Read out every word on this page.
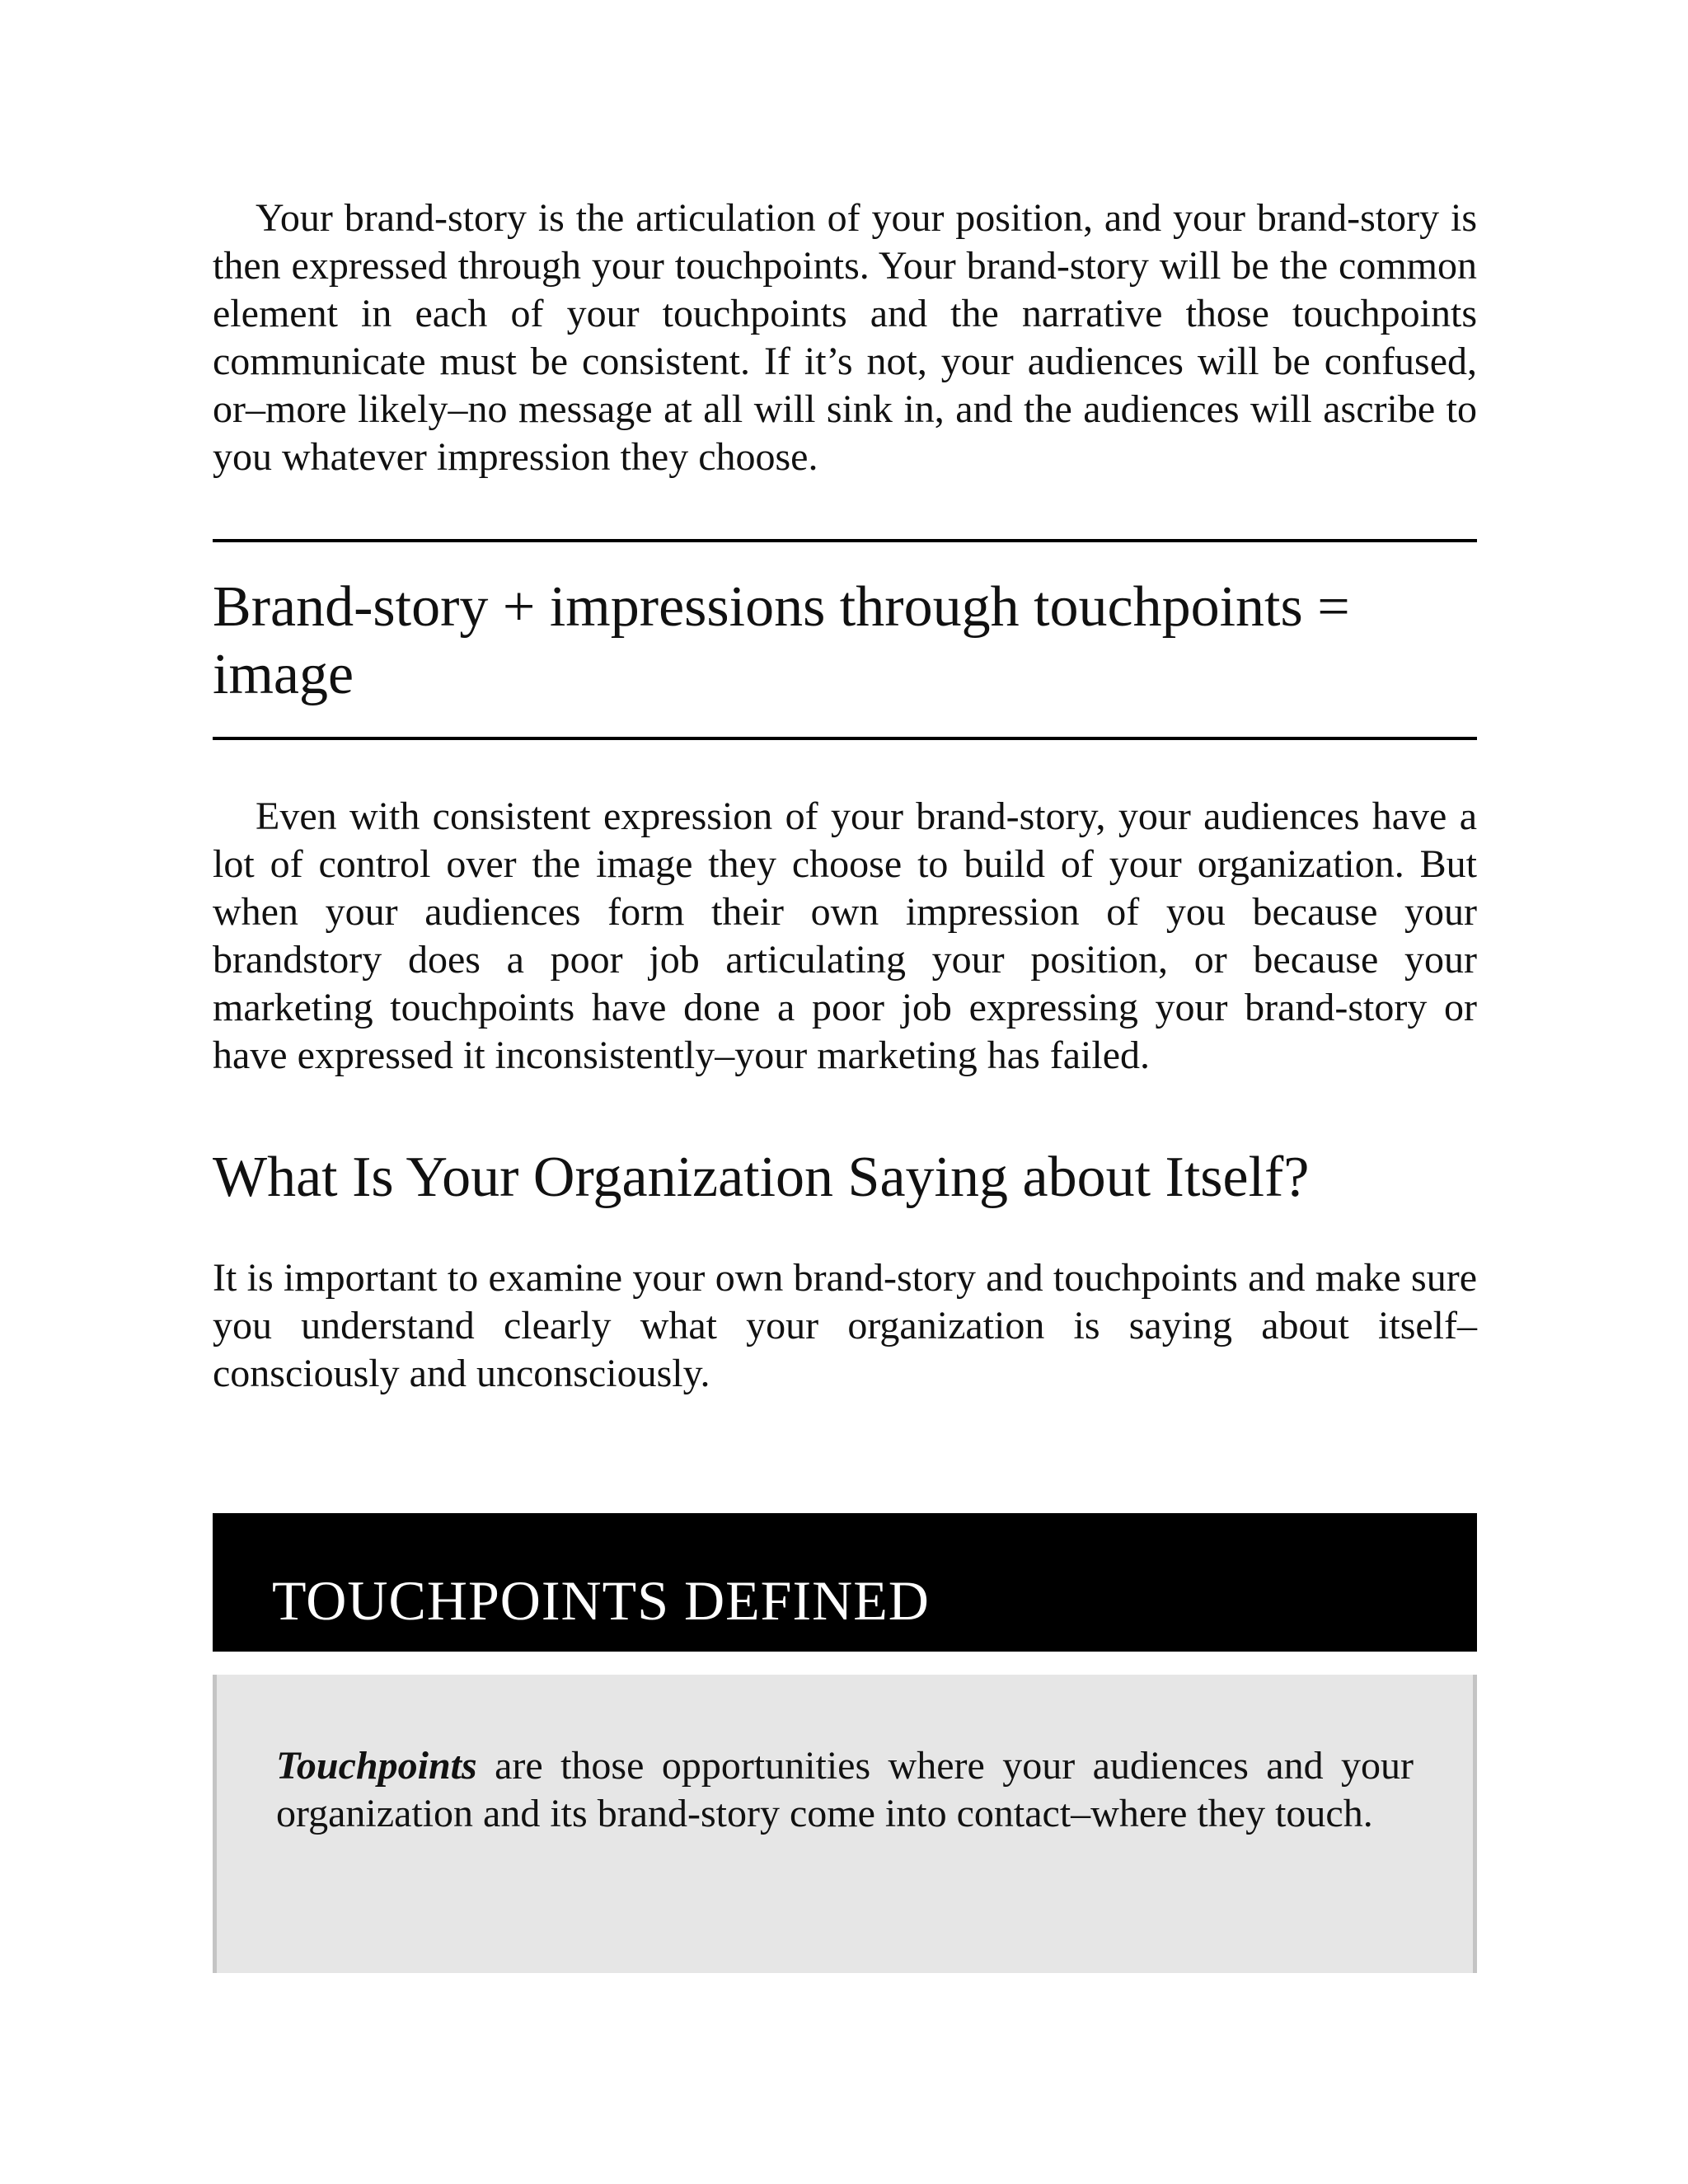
Your brand-story is the articulation of your position, and your brand-story is then expressed through your touchpoints. Your brand-story will be the common element in each of your touchpoints and the narrative those touchpoints communicate must be consistent. If it’s not, your audiences will be confused, or–more likely–no message at all will sink in, and the audiences will ascribe to you whatever impression they choose.

Brand-story + impressions through touchpoints = image

Even with consistent expression of your brand-story, your audiences have a lot of control over the image they choose to build of your organization. But when your audiences form their own impression of you because your brandstory does a poor job articulating your position, or because your marketing touchpoints have done a poor job expressing your brand-story or have expressed it inconsistently–your marketing has failed.

What Is Your Organization Saying about Itself?

It is important to examine your own brand-story and touchpoints and make sure you understand clearly what your organization is saying about itself–consciously and unconsciously.

TOUCHPOINTS DEFINED
Touchpoints are those opportunities where your audiences and your organization and its brand-story come into contact–where they touch.
